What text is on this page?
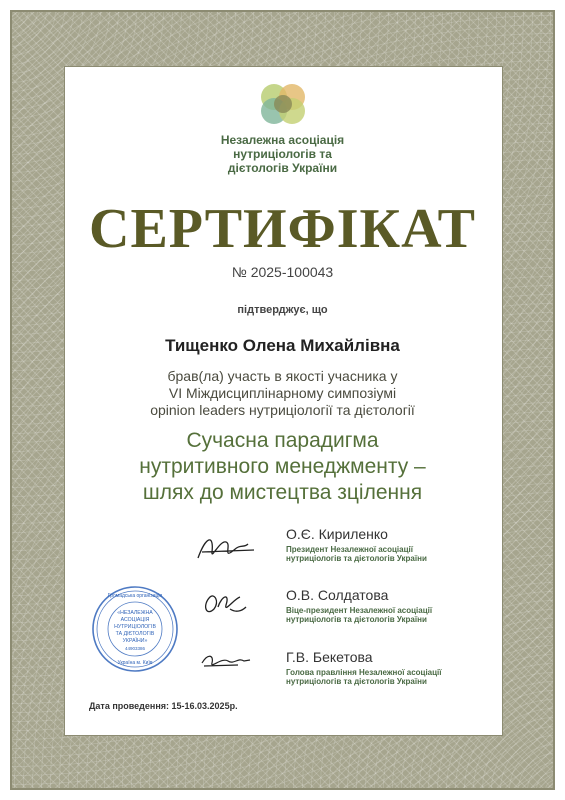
Незалежна асоціація
нутриціологів та
дієтологів України
СЕРТИФІКАТ
№ 2025-100043
підтверджує, що
Тищенко Олена Михайлівна
брав(ла) участь в якості учасника у
VI Міждисциплінарному симпозіумі
opinion leaders нутриціології та дієтології
Сучасна парадигма
нутритивного менеджменту –
шлях до мистецтва зцілення
О.Є. Кириленко
Президент Незалежної асоціації
нутриціологів та дієтологів України
О.В. Солдатова
Віце-президент Незалежної асоціації
нутриціологів та дієтологів України
Г.В. Бекетова
Голова правління Незалежної асоціації
нутриціологів та дієтологів України
Громадська організація
«НЕЗАЛЕЖНА
АСОЦІАЦІЯ
НУТРИЦІОЛОГІВ
ТА ДІЄТОЛОГІВ
УКРАЇНИ»
44903386
Україна м. Київ
Дата проведення: 15-16.03.2025р.
